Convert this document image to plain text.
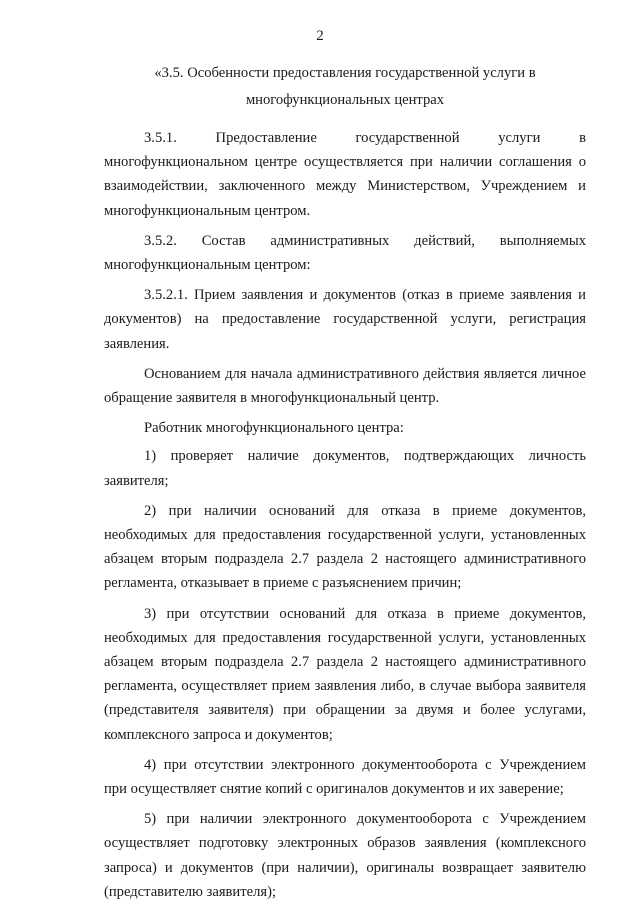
2
«3.5. Особенности предоставления государственной услуги в многофункциональных центрах

3.5.1. Предоставление государственной услуги в многофункциональном центре осуществляется при наличии соглашения о взаимодействии, заключенного между Министерством, Учреждением и многофункциональным центром.

3.5.2. Состав административных действий, выполняемых многофункциональным центром:

3.5.2.1. Прием заявления и документов (отказ в приеме заявления и документов) на предоставление государственной услуги, регистрация заявления.

Основанием для начала административного действия является личное обращение заявителя в многофункциональный центр.

Работник многофункционального центра:

1) проверяет наличие документов, подтверждающих личность заявителя;

2) при наличии оснований для отказа в приеме документов, необходимых для предоставления государственной услуги, установленных абзацем вторым подраздела 2.7 раздела 2 настоящего административного регламента, отказывает в приеме с разъяснением причин;

3) при отсутствии оснований для отказа в приеме документов, необходимых для предоставления государственной услуги, установленных абзацем вторым подраздела 2.7 раздела 2 настоящего административного регламента, осуществляет прием заявления либо, в случае выбора заявителя (представителя заявителя) при обращении за двумя и более услугами, комплексного запроса и документов;

4) при отсутствии электронного документооборота с Учреждением при осуществляет снятие копий с оригиналов документов и их заверение;

5) при наличии электронного документооборота с Учреждением осуществляет подготовку электронных образов заявления (комплексного запроса) и документов (при наличии), оригиналы возвращает заявителю (представителю заявителя);
